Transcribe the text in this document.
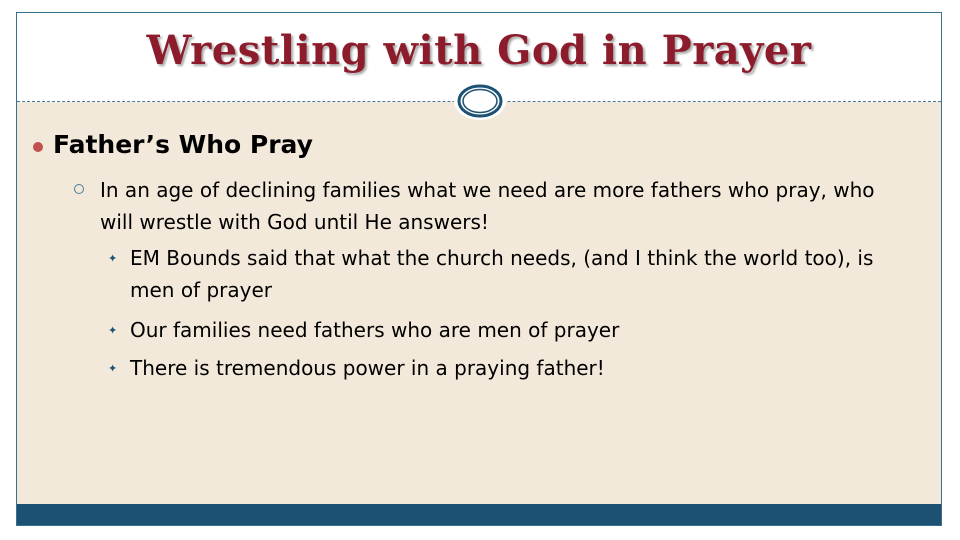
Wrestling with God in Prayer
Father’s Who Pray
In an age of declining families what we need are more fathers who pray, who will wrestle with God until He answers!
✦ EM Bounds said that what the church needs, (and I think the world too), is men of prayer
✦ Our families need fathers who are men of prayer
✦ There is tremendous power in a praying father!
